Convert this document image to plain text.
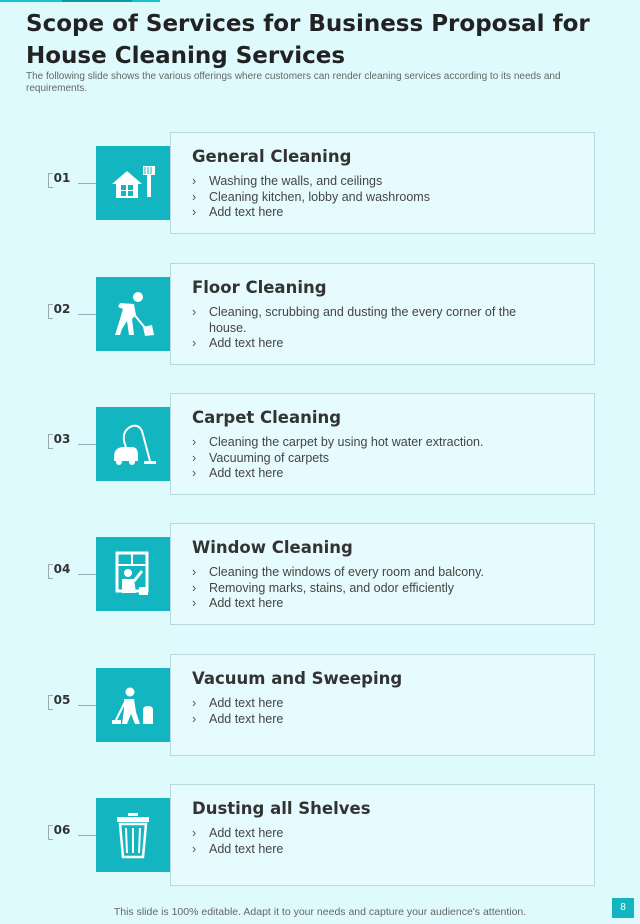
Scope of Services for Business Proposal for House Cleaning Services

The following slide shows the various offerings where customers can render cleaning services according to its needs and requirements.

01
General Cleaning
› Washing the walls, and ceilings
› Cleaning kitchen, lobby and washrooms
› Add text here
02
Floor Cleaning
› Cleaning, scrubbing and dusting the every corner of the house.
› Add text here
03
Carpet Cleaning
› Cleaning the carpet by using hot water extraction.
› Vacuuming of carpets
› Add text here
04
Window Cleaning
› Cleaning the windows of every room and balcony.
› Removing marks, stains, and odor efficiently
› Add text here
05
Vacuum and Sweeping
› Add text here
› Add text here
06
Dusting all Shelves
› Add text here
› Add text here
This slide is 100% editable. Adapt it to your needs and capture your audience's attention.	8
